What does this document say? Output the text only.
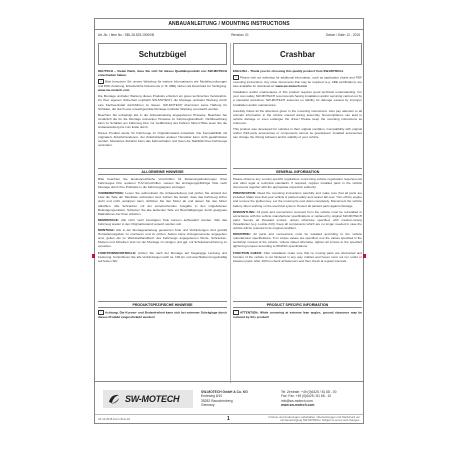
ANBAUANLEITUNG / MOUNTING INSTRUCTIONS
Art.-Nr. / Item No.: SBL.26.525.10000/B	Revision: 01	Datum / Date: 12 - 2015
Schutzbügel	Crashbar

DEUTSCH – Vielen Dank, dass Sie sich für dieses Qualitätsprodukt von SW-MOTECH entschieden haben.

i Bitte besuchen Sie unsere Webshop für weitere Informationen wie Modellzuordnungen und PDF-Anleitung. Erforderliche Dokumente (z. B. ABE) stehen als Download zur Verfügung. www.sw-motech.com

Die Montage und/oder Wartung dieses Produkts erfordert ein gutes technisches Verständnis. Zu Ihrer eigenen Sicherheit empfiehlt SW-MOTECH, die Montage und/oder Wartung durch eine Fachwerkstatt durchführen zu lassen. SW-MOTECH übernimmt keine Haftung für Schäden, die durch eine unsachgemäße Montage und/oder Wartung verursacht wurden.

Beachten Sie unbedingt alle in der Anbauanleitung angegebenen Hinweise. Beachten Sie zusätzlich die für die Montage relevanten Hinweise im Fahrzeughandbuch. Nichtbeachtung kann zu Schäden am Fahrzeug bzw. zur Gefährdung des Fahrers führen! Bitte lesen Sie die Anbauanleitung bis zum Ende durch.

Dieses Produkt wurde für Fahrzeuge im Originalzustand entwickelt. Die Kompatibilität mit originalem Zubehör/anderem, der Zubehörteilen anderer Hersteller kann nicht gewährleistet werden. Montiertes Zubehör kann das Fahrverhalten und lösen die Stabilität Ihres Fahrzeugs verändern.

ALLGEMEINE HINWEISE

Bitte beachten Sie landesspezifische Vorschriften für Zulassungsänderungen Ihres Fahrzeuges bzw. anderen TÜV-Vorschriften. Lassen Sie eintragungspflichtige Teile nach Montage durch Ihre Prüfstelle in die Fahrzeugpapiere eintragen.

VORBEREITUNG: Lesen Sie aufmerksam die Anbauanleitung und prüfen Sie anhand der Liste die Teile der Stückliste vorhanden sind. Achten Sie darauf, dass das Fahrzeug sicher steht und nicht umkippen kann. Erhitzen Sie den Motor ab und lassen Sie den Motor abkühlen. Alle Schrauben mit der entsprechenden Ausgabe in den mitgelieferten Befestigungsmitteln. Schützen Sie alle lackierten Teile vor Beschädigungen durch geeignete Maßnahmen bei Ihren Arbeiten.

DEMONTAGE: Alle nicht mehr benötigten Teile können aufbewahrt werden, falls das Fahrzeug wieder in den Originalzustand versetzt werden soll.

MONTAGE: Alle in der Montageanleitung genannten Teile und Verbindungen sind gemäß Herstellervorgaben zu montieren und zu prüfen. Sofern keine Anzugsmomente angegeben sind, gelten die im Werkstatthandbuch des Fahrzeugs angegebenen Werte. Schrauben, Muttern und Scheiben sind vor der Montage zu reinigen und ggf. mit Schraubensicherung zu versehen.

FUNKTIONSKONTROLLE: Achten Sie nach der Montage auf freigängige Lenkung und Federung. Kontrollieren Sie alle Verbindungen nach ca. 100 km und anschließend regelmäßig auf festen Sitz.

PRODUKTSPEZIFISCHE HINWEISE

! Achtung: Die Kurven- und Bodenfreiheit kann sich bei extremer Schräglage durch dieses Produkt eingeschränkt werden!

ENGLISH – Thank you for choosing this quality product from SW-MOTECH.

i Please visit our webshop for additional information, such as application charts and PDF mounting instructions. Any other documents that may be required (e.g. ABE certification), are also available for download at: www.sw-motech.com

Installation and/or maintenance of this product requires good technical understanding. For your own safety SW-MOTECH recommends having installation and/or servicing carried out by a specialist workshop. SW-MOTECH assumes no liability for damage caused by improper installation and/or maintenance.

Carefully follow all the directions given in the mounting instructions. Also pay attention to all relevant information in the vehicle manual during assembly. Noncompliance can lead to vehicle damage or even endanger the driver! Please keep the mounting instructions as reference.

This product was developed for vehicles in their original condition. Compatibility with original and/or third-party accessories or components cannot be guaranteed. Installed accessories can change the driving behavior and/or stability of your vehicle.

GENERAL INFORMATION

Please observe any country-specific regulations concerning vehicle registration requirements and other legal or technical standards. If required, register installed parts in the vehicle documents together with the appropriate inspection authority.

PREPARATION: Read the mounting instructions carefully and make sure that all parts are included. Make sure that your vehicle is parked safely and cannot fall over. Turn off the engine and remove the ignition key. Let the motorcycle cool down completely. Disconnect the vehicle battery when working on the electrical system. Protect all painted parts against damage.

DISMANTLING: All parts and connections removed from the vehicle must be reinstalled in accordance with the vehicle manufacturer specifications or replaced by original SW-MOTECH parts. Secure all threaded screws, unless otherwise specified, with medium-strong threadlocker (e.g. Loctite 243). Keep all components which are no longer needed in case the vehicle will be restored to its original condition.

MOUNTING: All parts and connections must be installed according to the vehicle manufacturer specifications. If no torque values are specified, use the values specified in the workshop manual of the vehicle. Unless stated otherwise, tighten all screws to the specified tightening torques according to DIN/ISO specifications.

FUNCTION CHECK: After installation make sure that no moving parts are obstructed and function of the vehicle is not hindered in any way. Cables and hoses must not run under or between parts. After 100 km check all fasteners and then check at regular intervals.

PRODUCT SPECIFIC INFORMATION

! ATTENTION: While cornering at extreme lean angles, ground clearance may be reduced by this product!

SW-MOTECH
SW-MOTECH GmbH & Co. KG
Ernteweg 8/10
35282 Rauschenberg
Germany
Tel. Zentrale: +49 (0)6425 / 81 68 - 00
Fax: Fax: +49 (0)6425 / 81 68 - 10
info@sw-motech.com
www.sw-motech.com
Ab 12.2015 Form SLG-01	1	Irrtümer und Änderungen vorbehalten. Übersetzungen und Nachdruck nur mit Genehmigung SW-MOTECH. Subject to errors and changes.
